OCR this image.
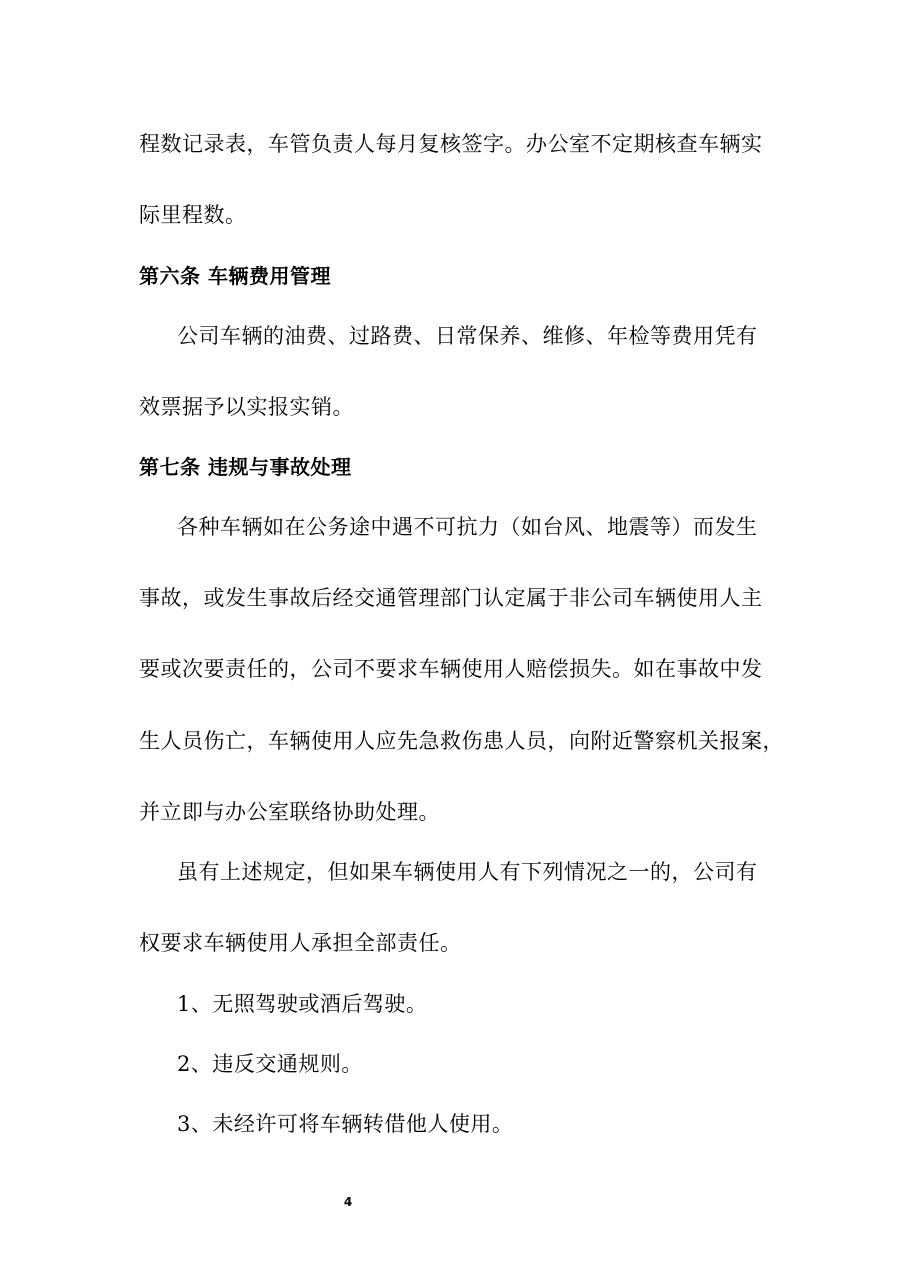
程数记录表，车管负责人每月复核签字。办公室不定期核查车辆实
际里程数。
第六条 车辆费用管理
公司车辆的油费、过路费、日常保养、维修、年检等费用凭有
效票据予以实报实销。
第七条 违规与事故处理
各种车辆如在公务途中遇不可抗力（如台风、地震等）而发生
事故，或发生事故后经交通管理部门认定属于非公司车辆使用人主
要或次要责任的，公司不要求车辆使用人赔偿损失。如在事故中发
生人员伤亡，车辆使用人应先急救伤患人员，向附近警察机关报案，
并立即与办公室联络协助处理。
虽有上述规定，但如果车辆使用人有下列情况之一的，公司有
权要求车辆使用人承担全部责任。
1、无照驾驶或酒后驾驶。
2、违反交通规则。
3、未经许可将车辆转借他人使用。
4
